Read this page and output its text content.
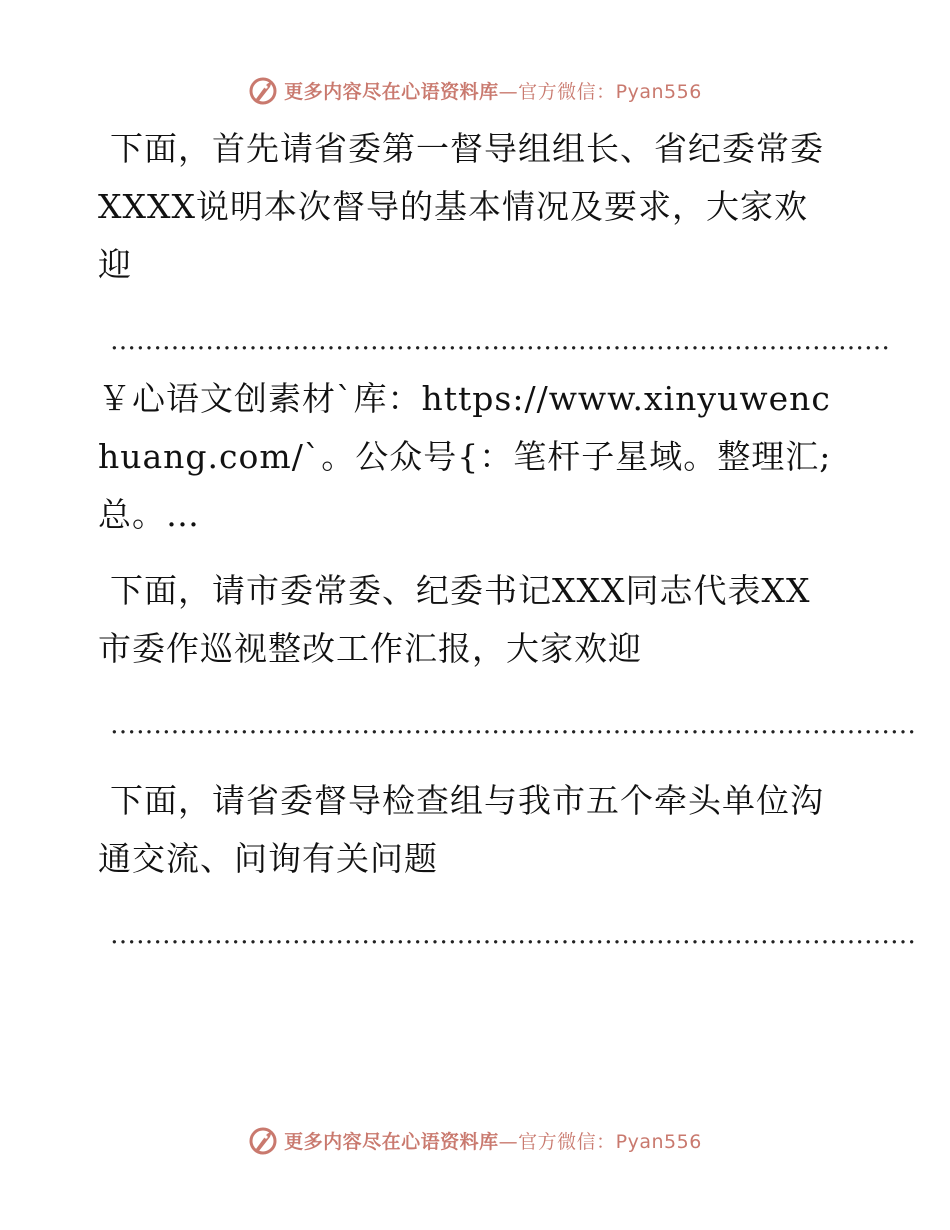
更多内容尽在心语资料库—官方微信：Pyan556

下面，首先请省委第一督导组组长、省纪委常委XXXX说明本次督导的基本情况及要求，大家欢迎

………………………………………………………………………………

￥心语文创素材`库：https://www.xinyuwenchuang.com/`。公众号{：笔杆子星域。整理汇;总。…

下面，请市委常委、纪委书记XXX同志代表XX市委作巡视整改工作汇报，大家欢迎

…………………………………………………………………………………

下面，请省委督导检查组与我市五个牵头单位沟通交流、问询有关问题

…………………………………………………………………………………

更多内容尽在心语资料库—官方微信：Pyan556
